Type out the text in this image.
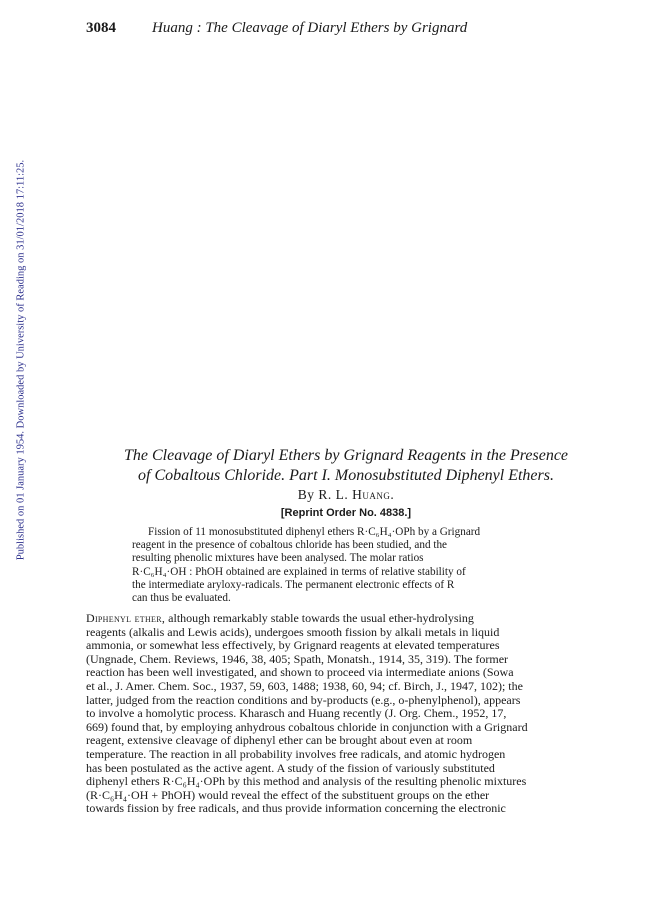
Published on 01 January 1954. Downloaded by University of Reading on 31/01/2018 17:11:25.
3084 Huang : The Cleavage of Diaryl Ethers by Grignard
The Cleavage of Diaryl Ethers by Grignard Reagents in the Presence
of Cobaltous Chloride. Part I. Monosubstituted Diphenyl Ethers.
By R. L. Huang.
[Reprint Order No. 4838.]
Fission of 11 monosubstituted diphenyl ethers R·C₆H₄·OPh by a Grignard
reagent in the presence of cobaltous chloride has been studied, and the
resulting phenolic mixtures have been analysed. The molar ratios
R·C₆H₄·OH : PhOH obtained are explained in terms of relative stability of
the intermediate aryloxy-radicals. The permanent electronic effects of R
can thus be evaluated.
Diphenyl ether, although remarkably stable towards the usual ether-hydrolysing
reagents (alkalis and Lewis acids), undergoes smooth fission by alkali metals in liquid
ammonia, or somewhat less effectively, by Grignard reagents at elevated temperatures
(Ungnade, Chem. Reviews, 1946, 38, 405; Spath, Monatsh., 1914, 35, 319). The former
reaction has been well investigated, and shown to proceed via intermediate anions (Sowa
et al., J. Amer. Chem. Soc., 1937, 59, 603, 1488; 1938, 60, 94; cf. Birch, J., 1947, 102); the
latter, judged from the reaction conditions and by-products (e.g., o-phenylphenol), appears
to involve a homolytic process. Kharasch and Huang recently (J. Org. Chem., 1952, 17,
669) found that, by employing anhydrous cobaltous chloride in conjunction with a Grignard
reagent, extensive cleavage of diphenyl ether can be brought about even at room
temperature. The reaction in all probability involves free radicals, and atomic hydrogen
has been postulated as the active agent. A study of the fission of variously substituted
diphenyl ethers R·C₆H₄·OPh by this method and analysis of the resulting phenolic mixtures
(R·C₆H₄·OH + PhOH) would reveal the effect of the substituent groups on the ether
towards fission by free radicals, and thus provide information concerning the electronic
